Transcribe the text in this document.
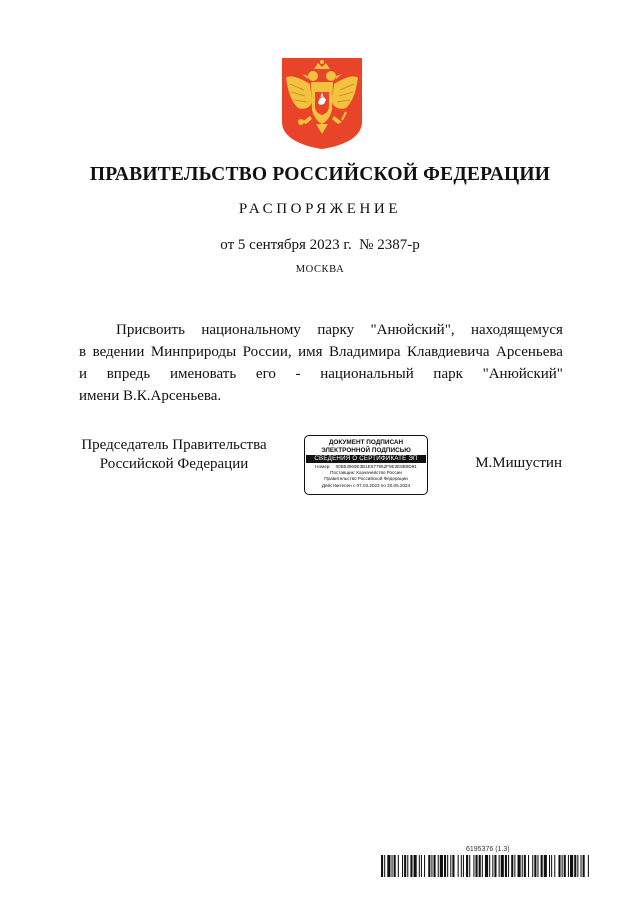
ПРАВИТЕЛЬСТВО РОССИЙСКОЙ ФЕДЕРАЦИИ
РАСПОРЯЖЕНИЕ
от 5 сентября 2023 г. № 2387-р
МОСКВА
Присвоить национальному парку "Анюйский", находящемуся
в ведении Минприроды России, имя Владимира Клавдиевича Арсеньева
и впредь именовать его - национальный парк "Анюйский"
имени В.К.Арсеньева.
Председатель Правительства
Российской Федерации
ДОКУМЕНТ ПОДПИСАН
ЭЛЕКТРОННОЙ ПОДПИСЬЮ
СВЕДЕНИЯ О СЕРТИФИКАТЕ ЭП
Номер: 00B53969E3B1E677952F9E3E8B9D81
Поставщик: Казначейство России
Правительство Российской Федерации
Действителен с 07.03.2023 по 30.05.2024
М.Мишустин
6195376 (1.3)
